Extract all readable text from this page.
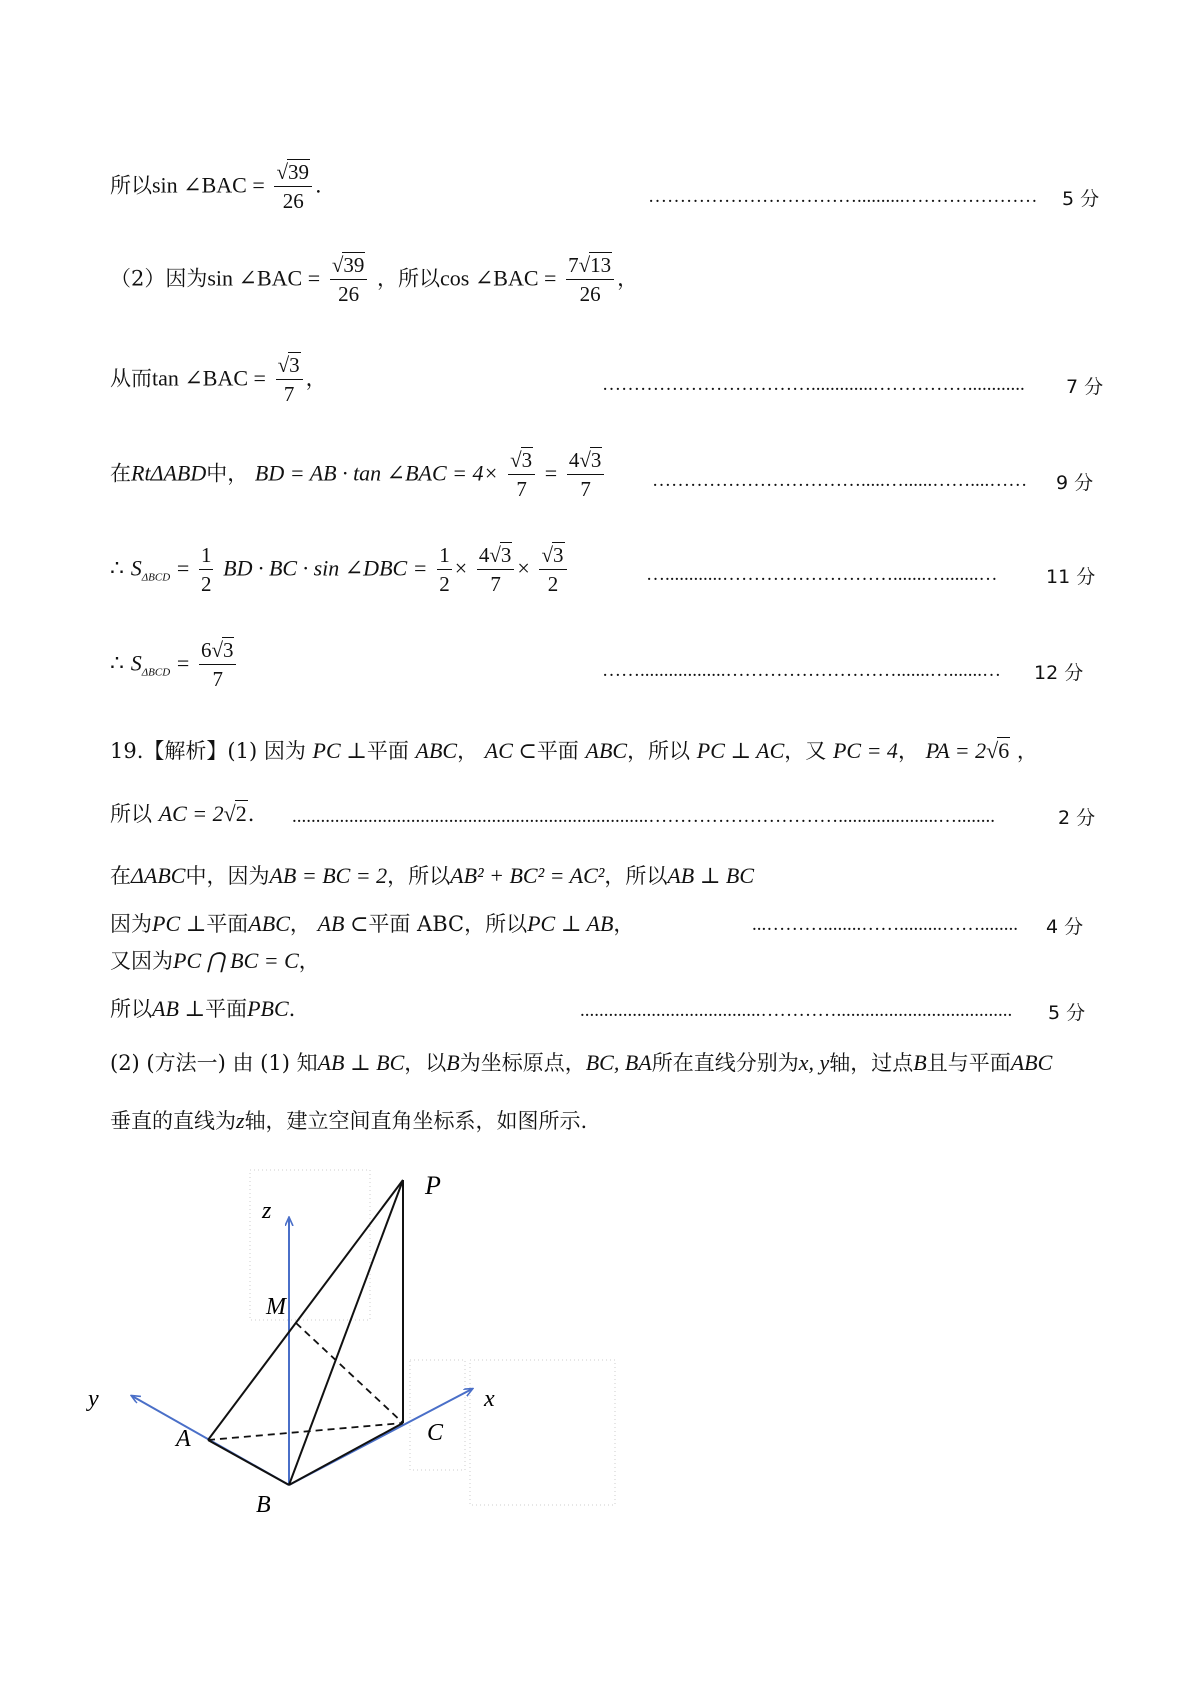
所以sin ∠BAC = $\frac{√39}{26}$ .	……………………………..........…………………	5 分
（2）因为sin ∠BAC = $\frac{√39}{26}$ ，所以cos ∠BAC = $\frac{7√13}{26}$ ，
从而tan ∠BAC = $\frac{√3}{7}$ ，	…………………………….............……………............	7 分
在RtΔABD中， BD = AB · tan ∠BAC = $4\times \frac{√3}{7} = \frac{4√3}{7}$	…………………………….....…......……....……	9 分
∴ $S_{\Delta BCD} = \frac{1}{2}$ BD · BC · sin ∠DBC = $\frac{1}{2} \times \frac{4√3}{7} \times \frac{√3}{2}$	…............……………………….......….......…	11 分
∴ $S_{\Delta BCD} = \frac{6√3}{7}$	……..................……………………….......….......…	12 分
19.【解析】(1) 因为 PC ⊥平面 ABC， AC ⊂平面 ABC，所以 PC ⊥ AC，又 PC = 4， PA = 2√6 ，
所以 AC = 2√2. ...........................................................................………………………….....................…........	2 分
在ΔABC中，因为AB = BC = 2，所以AB² + BC² = AC²，所以AB ⊥ BC
因为PC ⊥平面ABC， AB ⊂平面 ABC，所以PC ⊥ AB，	...………........…….........……........	4 分
又因为PC ⋂ BC = C，
所以AB ⊥平面PBC.	......................................………….....................................	5 分
(2) (方法一) 由 (1) 知AB ⊥ BC，以B为坐标原点，BC, BA所在直线分别为x, y轴，过点B且与平面ABC
垂直的直线为z轴，建立空间直角坐标系，如图所示.
P
z
M
y	x
A	C
B
